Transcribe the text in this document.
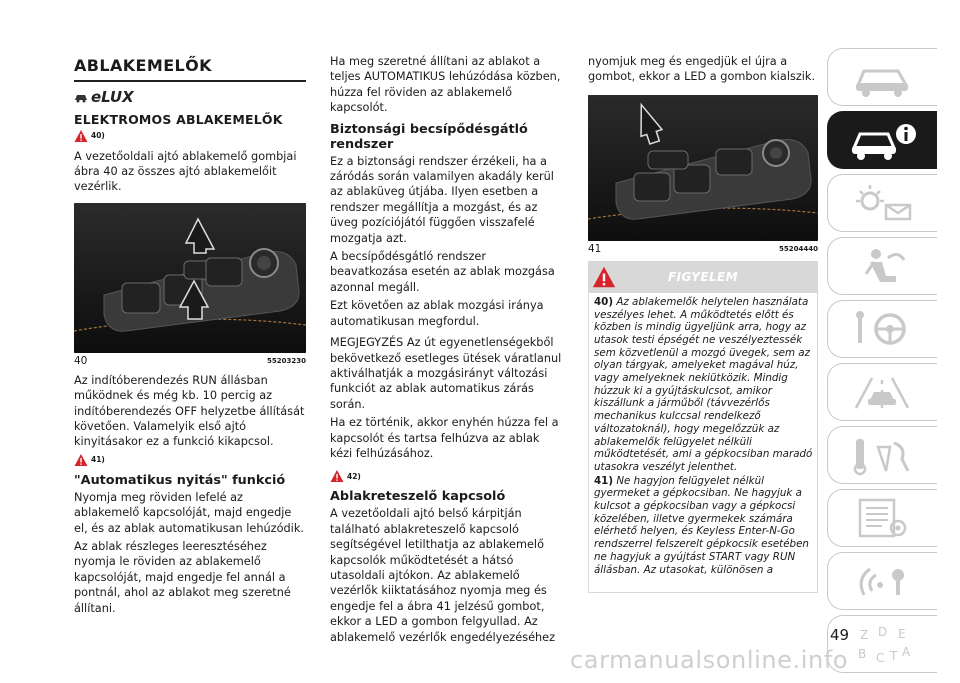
ABLAKEMELŐK
eLUX
ELEKTROMOS ABLAKEMELŐK
40)

A vezetőoldali ajtó ablakemelő gombjai ábra 40 az összes ajtó ablakemelőit vezérlik.

40	55203230

Az indítóberendezés RUN állásban működnek és még kb. 10 percig az indítóberendezés OFF helyzetbe állítását követően. Valamelyik első ajtó kinyitásakor ez a funkció kikapcsol.

41)
"Automatikus nyitás" funkció

Nyomja meg röviden lefelé az ablakemelő kapcsolóját, majd engedje el, és az ablak automatikusan lehúzódik.

Az ablak részleges leeresztéséhez nyomja le röviden az ablakemelő kapcsolóját, majd engedje fel annál a pontnál, ahol az ablakot meg szeretné állítani.

Ha meg szeretné állítani az ablakot a teljes AUTOMATIKUS lehúzódása közben, húzza fel röviden az ablakemelő kapcsolót.

Biztonsági becsípődésgátló rendszer

Ez a biztonsági rendszer érzékeli, ha a záródás során valamilyen akadály kerül az ablaküveg útjába. Ilyen esetben a rendszer megállítja a mozgást, és az üveg pozíciójától függően visszafelé mozgatja azt.

A becsípődésgátló rendszer beavatkozása esetén az ablak mozgása azonnal megáll.

Ezt követően az ablak mozgási iránya automatikusan megfordul.

MEGJEGYZÉS Az út egyenetlenségekből bekövetkező esetleges ütések váratlanul aktiválhatják a mozgásirányt változási funkciót az ablak automatikus zárás során.

Ha ez történik, akkor enyhén húzza fel a kapcsolót és tartsa felhúzva az ablak kézi felhúzásához.

42)
Ablakreteszelő kapcsoló

A vezetőoldali ajtó belső kárpitján található ablakreteszelő kapcsoló segítségével letilthatja az ablakemelő kapcsolók működtetését a hátsó utasoldali ajtókon. Az ablakemelő vezérlők kiiktatásához nyomja meg és engedje fel a ábra 41 jelzésű gombot, ekkor a LED a gombon felgyullad. Az ablakemelő vezérlők engedélyezéséhez

nyomjuk meg és engedjük el újra a gombot, ekkor a LED a gombon kialszik.

41	55204440
FIGYELEM

40) Az ablakemelők helytelen használata veszélyes lehet. A működtetés előtt és közben is mindig ügyeljünk arra, hogy az utasok testi épségét ne veszélyeztessék sem közvetlenül a mozgó üvegek, sem az olyan tárgyak, amelyeket magával húz, vagy amelyeknek nekiütközik. Mindig húzzuk ki a gyújtáskulcsot, amikor kiszállunk a járműből (távvezérlős mechanikus kulccsal rendelkező változatoknál), hogy megelőzzük az ablakemelők felügyelet nélküli működtetését, ami a gépkocsiban maradó utasokra veszélyt jelenthet.

41) Ne hagyjon felügyelet nélkül gyermeket a gépkocsiban. Ne hagyjuk a kulcsot a gépkocsiban vagy a gépkocsi közelében, illetve gyermekek számára elérhető helyen, és Keyless Enter-N-Go rendszerrel felszerelt gépkocsik esetében ne hagyjuk a gyújtást START vagy RUN állásban. Az utasokat, különösen a

Z D E
B C T A
49
carmanualsonline.info
